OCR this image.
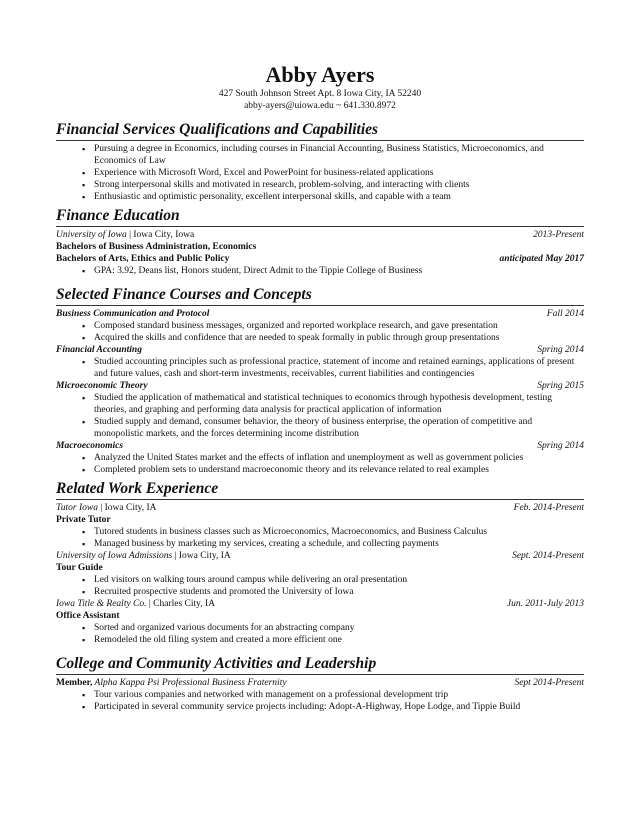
Abby Ayers
427 South Johnson Street Apt. 8 Iowa City, IA 52240
abby-ayers@uiowa.edu ~ 641.330.8972
Financial Services Qualifications and Capabilities
▪ Pursuing a degree in Economics, including courses in Financial Accounting, Business Statistics, Microeconomics, and Economics of Law
▪ Experience with Microsoft Word, Excel and PowerPoint for business-related applications
▪ Strong interpersonal skills and motivated in research, problem-solving, and interacting with clients
▪ Enthusiastic and optimistic personality, excellent interpersonal skills, and capable with a team
Finance Education
University of Iowa | Iowa City, Iowa	2013-Present
Bachelors of Business Administration, Economics
Bachelors of Arts, Ethics and Public Policy	anticipated May 2017
▪ GPA: 3.92, Deans list, Honors student, Direct Admit to the Tippie College of Business
Selected Finance Courses and Concepts
Business Communication and Protocol	Fall 2014
▪ Composed standard business messages, organized and reported workplace research, and gave presentation
▪ Acquired the skills and confidence that are needed to speak formally in public through group presentations
Financial Accounting	Spring 2014
▪ Studied accounting principles such as professional practice, statement of income and retained earnings, applications of present and future values, cash and short-term investments, receivables, current liabilities and contingencies
Microeconomic Theory	Spring 2015
▪ Studied the application of mathematical and statistical techniques to economics through hypothesis development, testing theories, and graphing and performing data analysis for practical application of information
▪ Studied supply and demand, consumer behavior, the theory of business enterprise, the operation of competitive and monopolistic markets, and the forces determining income distribution
Macroeconomics	Spring 2014
▪ Analyzed the United States market and the effects of inflation and unemployment as well as government policies
▪ Completed problem sets to understand macroeconomic theory and its relevance related to real examples
Related Work Experience
Tutor Iowa | Iowa City, IA	Feb. 2014-Present
Private Tutor
▪ Tutored students in business classes such as Microeconomics, Macroeconomics, and Business Calculus
▪ Managed business by marketing my services, creating a schedule, and collecting payments
University of Iowa Admissions | Iowa City, IA	Sept. 2014-Present
Tour Guide
▪ Led visitors on walking tours around campus while delivering an oral presentation
▪ Recruited prospective students and promoted the University of Iowa
Iowa Title & Realty Co. | Charles City, IA	Jun. 2011-July 2013
Office Assistant
▪ Sorted and organized various documents for an abstracting company
▪ Remodeled the old filing system and created a more efficient one
College and Community Activities and Leadership
Member, Alpha Kappa Psi Professional Business Fraternity	Sept 2014-Present
▪ Tour various companies and networked with management on a professional development trip
▪ Participated in several community service projects including: Adopt-A-Highway, Hope Lodge, and Tippie Build
